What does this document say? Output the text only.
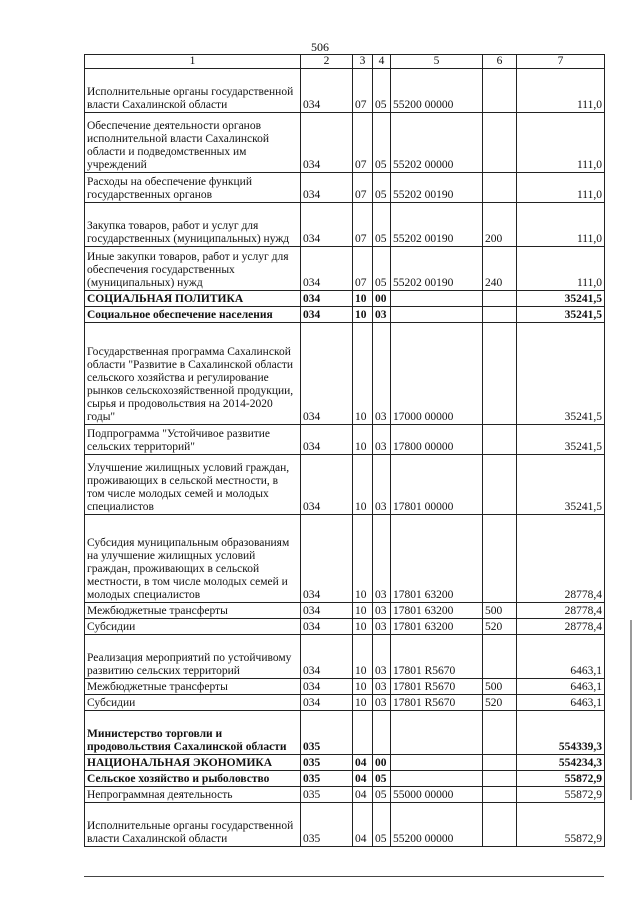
506
1	2	3	4	5	6	7
Исполнительные органы государственной власти Сахалинской области	034	07	05	55200 00000		111,0
Обеспечение деятельности органов исполнительной власти Сахалинской области и подведомственных им учреждений	034	07	05	55202 00000		111,0
Расходы на обеспечение функций государственных органов	034	07	05	55202 00190		111,0
Закупка товаров, работ и услуг для государственных (муниципальных) нужд	034	07	05	55202 00190	200	111,0
Иные закупки товаров, работ и услуг для обеспечения государственных (муниципальных) нужд	034	07	05	55202 00190	240	111,0
СОЦИАЛЬНАЯ ПОЛИТИКА	034	10	00			35241,5
Социальное обеспечение населения	034	10	03			35241,5
Государственная программа Сахалинской области "Развитие в Сахалинской области сельского хозяйства и регулирование рынков сельскохозяйственной продукции, сырья и продовольствия на 2014-2020 годы"	034	10	03	17000 00000		35241,5
Подпрограмма "Устойчивое развитие сельских территорий"	034	10	03	17800 00000		35241,5
Улучшение жилищных условий граждан, проживающих в сельской местности, в том числе молодых семей и молодых специалистов	034	10	03	17801 00000		35241,5
Субсидия муниципальным образованиям на улучшение жилищных условий граждан, проживающих в сельской местности, в том числе молодых семей и молодых специалистов	034	10	03	17801 63200		28778,4
Межбюджетные трансферты	034	10	03	17801 63200	500	28778,4
Субсидии	034	10	03	17801 63200	520	28778,4
Реализация мероприятий по устойчивому развитию сельских территорий	034	10	03	17801 R5670		6463,1
Межбюджетные трансферты	034	10	03	17801 R5670	500	6463,1
Субсидии	034	10	03	17801 R5670	520	6463,1
Министерство торговли и продовольствия Сахалинской области	035					554339,3
НАЦИОНАЛЬНАЯ ЭКОНОМИКА	035	04	00			554234,3
Сельское хозяйство и рыболовство	035	04	05			55872,9
Непрограммная деятельность	035	04	05	55000 00000		55872,9
Исполнительные органы государственной власти Сахалинской области	035	04	05	55200 00000		55872,9
